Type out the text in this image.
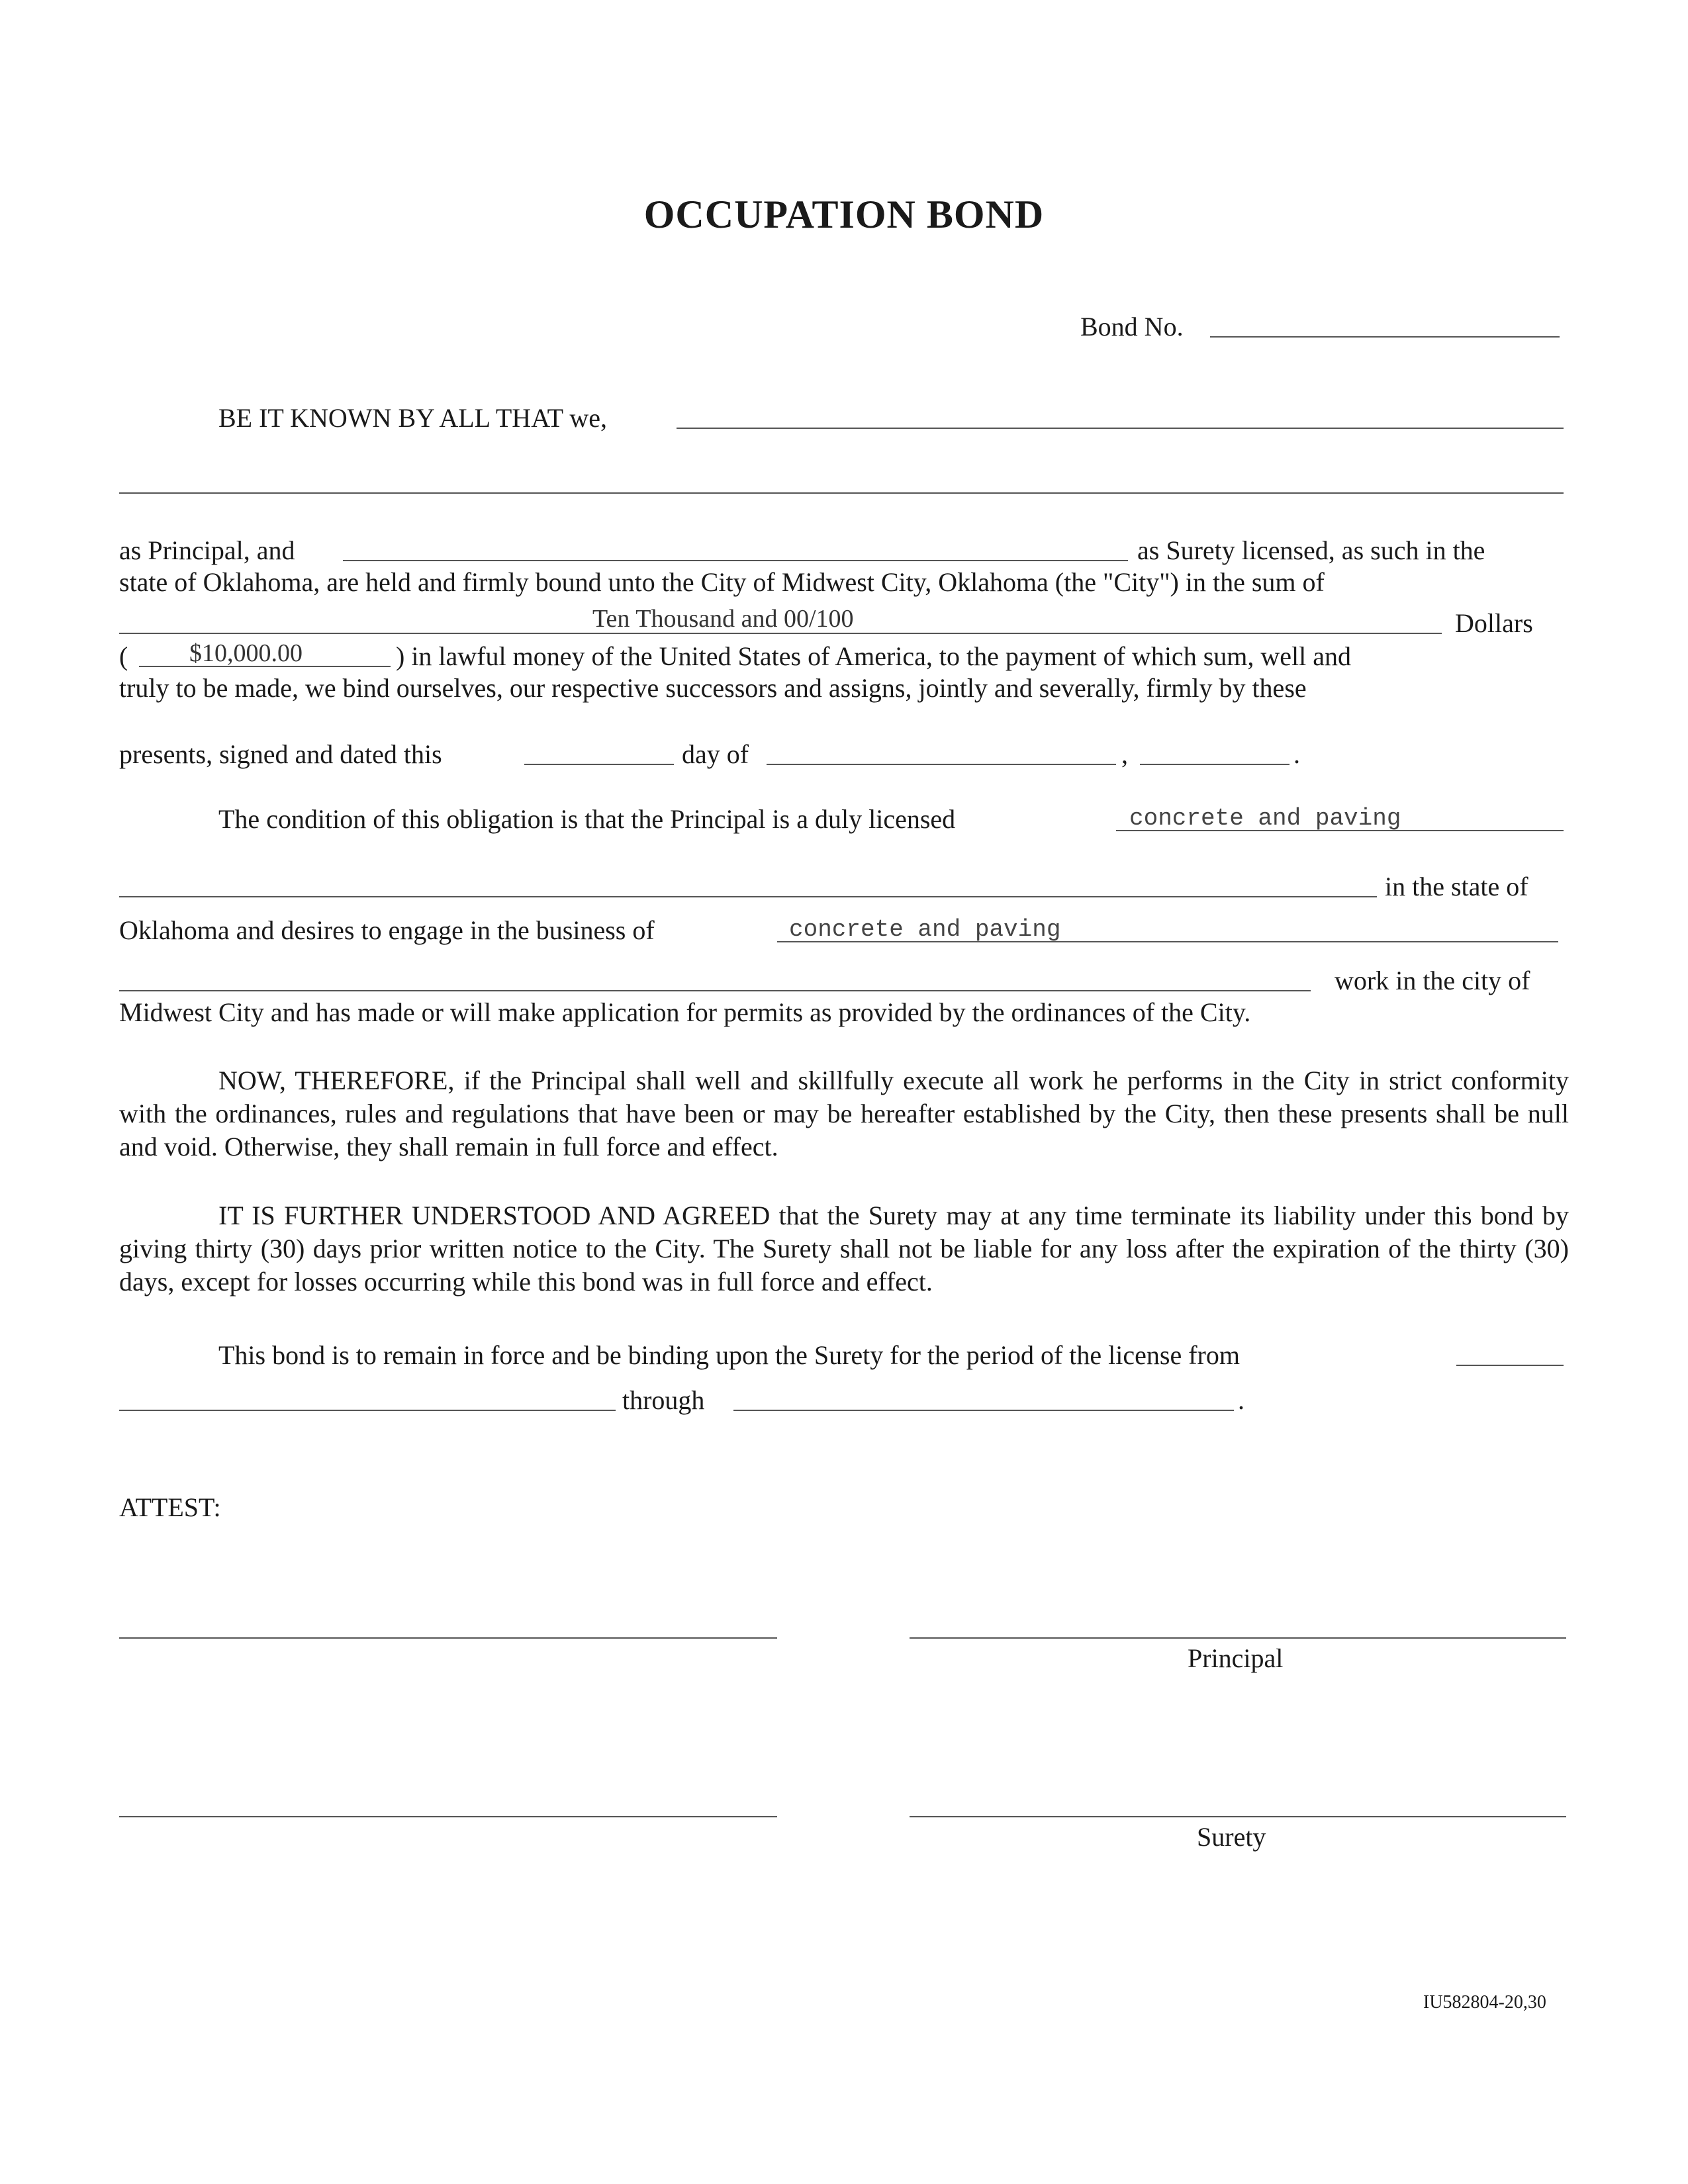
OCCUPATION BOND
Bond No.
BE IT KNOWN BY ALL THAT we,
as Principal, and	as Surety licensed, as such in the
state of Oklahoma, are held and firmly bound unto the City of Midwest City, Oklahoma (the "City") in the sum of
Ten Thousand and 00/100	Dollars
( $10,000.00	) in lawful money of the United States of America, to the payment of which sum, well and
truly to be made, we bind ourselves, our respective successors and assigns, jointly and severally, firmly by these
presents, signed and dated this	day of	,	.
The condition of this obligation is that the Principal is a duly licensed	concrete and paving
in the state of
Oklahoma and desires to engage in the business of	concrete and paving
work in the city of
Midwest City and has made or will make application for permits as provided by the ordinances of the City.
NOW, THEREFORE, if the Principal shall well and skillfully execute all work he performs in the City in strict conformity with the ordinances, rules and regulations that have been or may be hereafter established by the City, then these presents shall be null and void. Otherwise, they shall remain in full force and effect.
IT IS FURTHER UNDERSTOOD AND AGREED that the Surety may at any time terminate its liability under this bond by giving thirty (30) days prior written notice to the City. The Surety shall not be liable for any loss after the expiration of the thirty (30) days, except for losses occurring while this bond was in full force and effect.
This bond is to remain in force and be binding upon the Surety for the period of the license from
through	.
ATTEST:
Principal
Surety
IU582804-20,30
